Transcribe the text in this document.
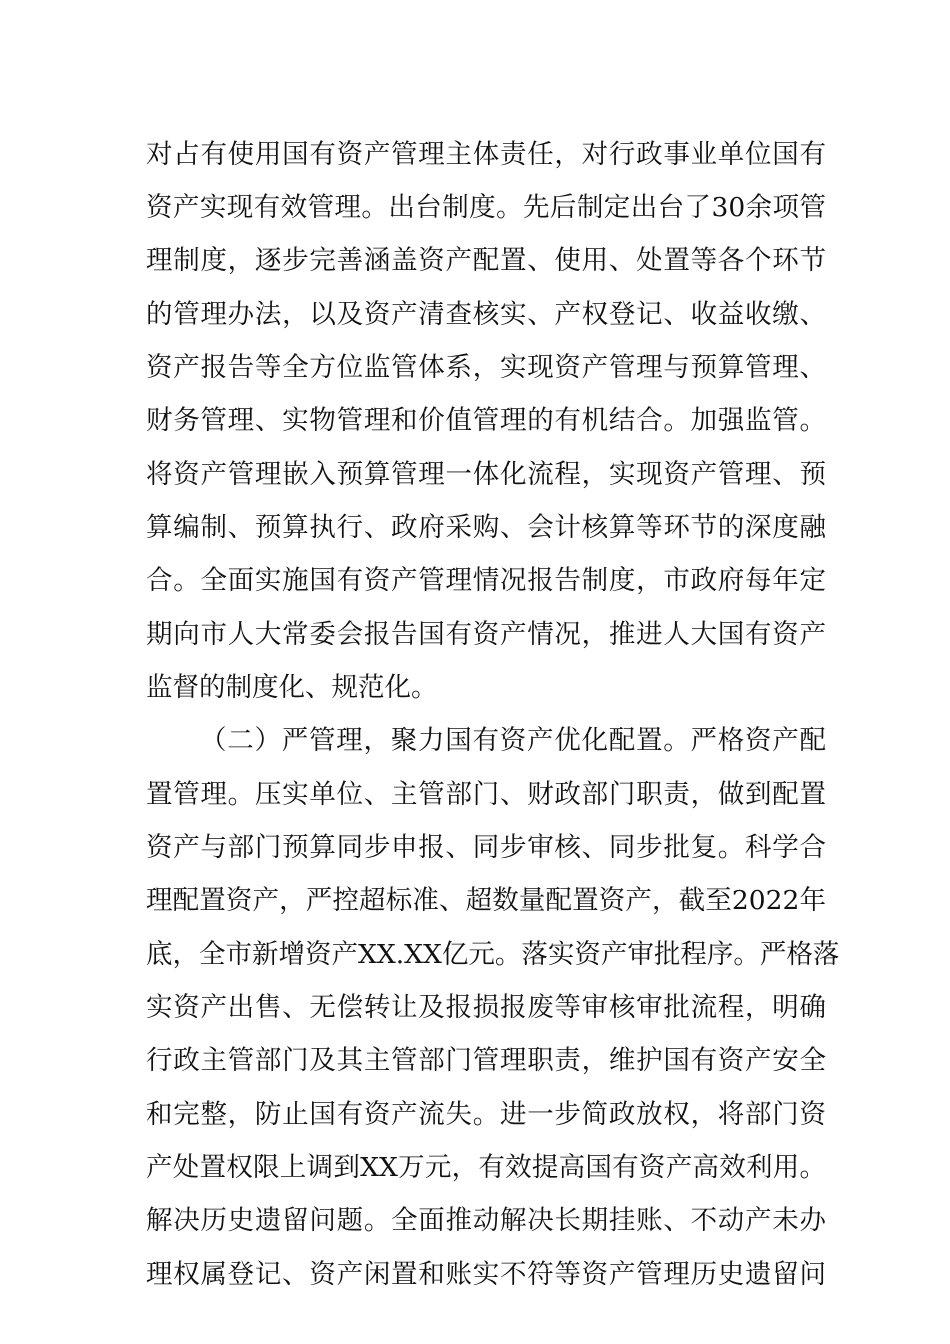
对占有使用国有资产管理主体责任，对行政事业单位国有
资产实现有效管理。出台制度。先后制定出台了30余项管
理制度，逐步完善涵盖资产配置、使用、处置等各个环节
的管理办法，以及资产清查核实、产权登记、收益收缴、
资产报告等全方位监管体系，实现资产管理与预算管理、
财务管理、实物管理和价值管理的有机结合。加强监管。
将资产管理嵌入预算管理一体化流程，实现资产管理、预
算编制、预算执行、政府采购、会计核算等环节的深度融
合。全面实施国有资产管理情况报告制度，市政府每年定
期向市人大常委会报告国有资产情况，推进人大国有资产
监督的制度化、规范化。
（二）严管理，聚力国有资产优化配置。严格资产配
置管理。压实单位、主管部门、财政部门职责，做到配置
资产与部门预算同步申报、同步审核、同步批复。科学合
理配置资产，严控超标准、超数量配置资产，截至2022年
底，全市新增资产XX.XX亿元。落实资产审批程序。严格落
实资产出售、无偿转让及报损报废等审核审批流程，明确
行政主管部门及其主管部门管理职责，维护国有资产安全
和完整，防止国有资产流失。进一步简政放权，将部门资
产处置权限上调到XX万元，有效提高国有资产高效利用。
解决历史遗留问题。全面推动解决长期挂账、不动产未办
理权属登记、资产闲置和账实不符等资产管理历史遗留问
